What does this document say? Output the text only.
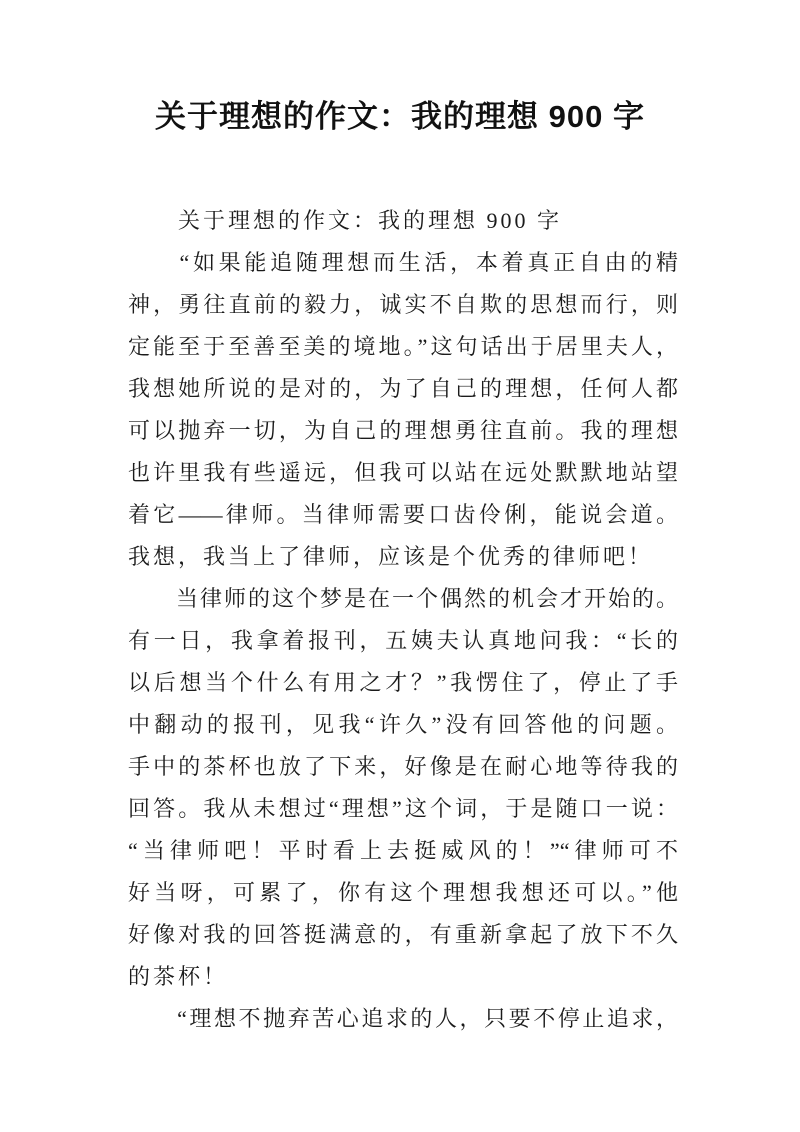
关于理想的作文：我的理想 900 字
　　关于理想的作文：我的理想 900 字
　　“如果能追随理想而生活，本着真正自由的精
神，勇往直前的毅力，诚实不自欺的思想而行，则
定能至于至善至美的境地。”这句话出于居里夫人，
我想她所说的是对的，为了自己的理想，任何人都
可以抛弃一切，为自己的理想勇往直前。我的理想
也许里我有些遥远，但我可以站在远处默默地站望
着它——律师。当律师需要口齿伶俐，能说会道。
我想，我当上了律师，应该是个优秀的律师吧！
　　当律师的这个梦是在一个偶然的机会才开始的。
有一日，我拿着报刊，五姨夫认真地问我：“长的
以后想当个什么有用之才？”我愣住了，停止了手
中翻动的报刊，见我“许久”没有回答他的问题。
手中的茶杯也放了下来，好像是在耐心地等待我的
回答。我从未想过“理想”这个词，于是随口一说：
“当律师吧！平时看上去挺威风的！”“律师可不
好当呀，可累了，你有这个理想我想还可以。”他
好像对我的回答挺满意的，有重新拿起了放下不久
的茶杯！
　　“理想不抛弃苦心追求的人，只要不停止追求，
